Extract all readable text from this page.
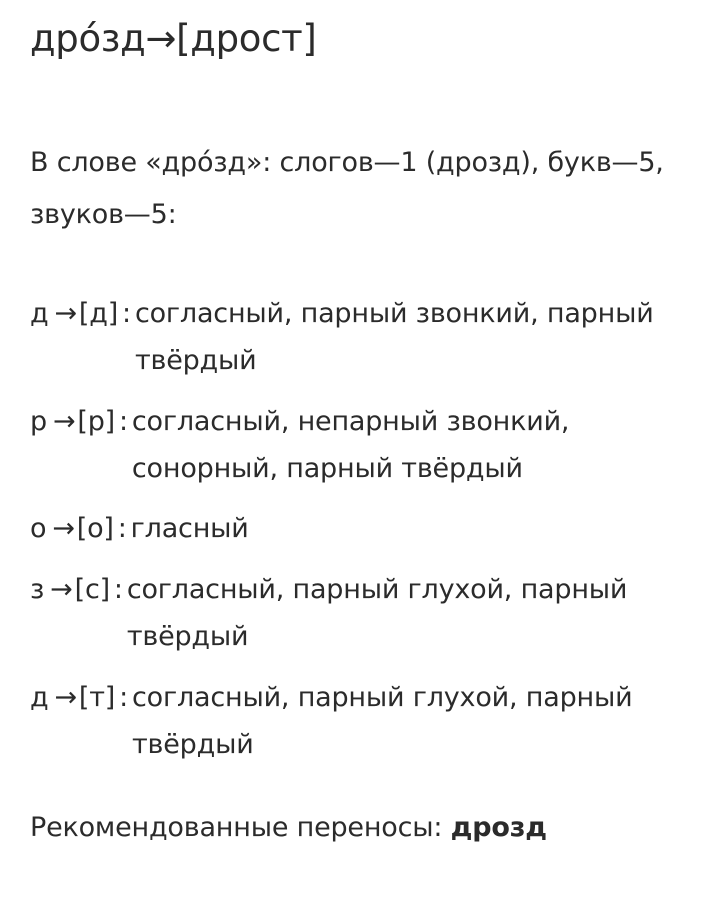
дро́зд→[дрост]
В слове «дро́зд»: слогов—1 (дрозд), букв—5, звуков—5:
д →[д] : согласный, парный звонкий, парный твёрдый
р →[р] : согласный, непарный звонкий, сонорный, парный твёрдый
о →[о] : гласный
з →[с] : согласный, парный глухой, парный твёрдый
д →[т] : согласный, парный глухой, парный твёрдый
Рекомендованные переносы: дрозд
